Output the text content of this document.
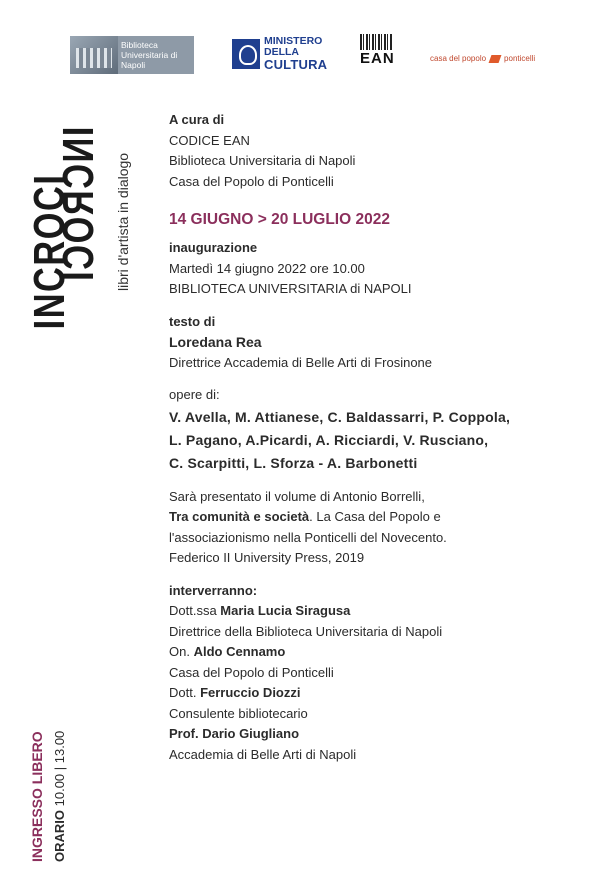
Biblioteca Universitaria di Napoli
MINISTERO
DELLA
CULTURA EAN	casa del popolo ponticelli
INCROCI
INCROCI libri d'artista in dialogo
INGRESSO LIBERO ORARIO 10.00 | 13.00
A cura di
CODICE EAN
Biblioteca Universitaria di Napoli
Casa del Popolo di Ponticelli
14 GIUGNO > 20 LUGLIO 2022
inaugurazione
Martedì 14 giugno 2022 ore 10.00
BIBLIOTECA UNIVERSITARIA di NAPOLI
testo di
Loredana Rea
Direttrice Accademia di Belle Arti di Frosinone
opere di:
V. Avella, M. Attianese, C. Baldassarri, P. Coppola,
L. Pagano, A.Picardi, A. Ricciardi, V. Rusciano,
C. Scarpitti, L. Sforza - A. Barbonetti
Sarà presentato il volume di Antonio Borrelli,
Tra comunità e società. La Casa del Popolo e
l'associazionismo nella Ponticelli del Novecento.
Federico II University Press, 2019
interverranno:
Dott.ssa Maria Lucia Siragusa
Direttrice della Biblioteca Universitaria di Napoli
On. Aldo Cennamo
Casa del Popolo di Ponticelli
Dott. Ferruccio Diozzi
Consulente bibliotecario
Prof. Dario Giugliano
Accademia di Belle Arti di Napoli
